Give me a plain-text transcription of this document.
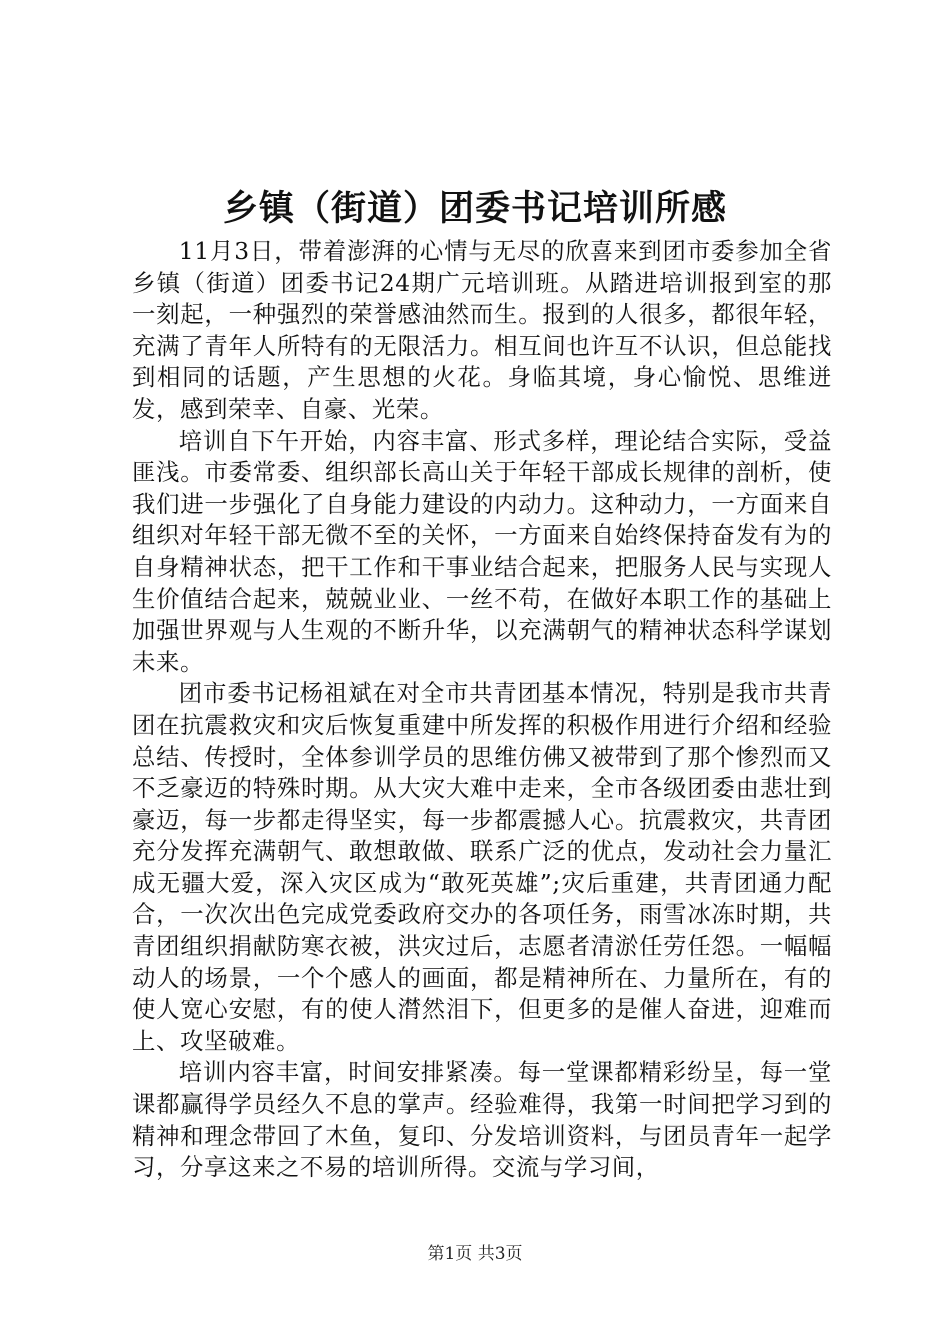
乡镇（街道）团委书记培训所感

11月3日，带着澎湃的心情与无尽的欣喜来到团市委参加全省乡镇（街道）团委书记24期广元培训班。从踏进培训报到室的那一刻起，一种强烈的荣誉感油然而生。报到的人很多，都很年轻，充满了青年人所特有的无限活力。相互间也许互不认识，但总能找到相同的话题，产生思想的火花。身临其境，身心愉悦、思维迸发，感到荣幸、自豪、光荣。

培训自下午开始，内容丰富、形式多样，理论结合实际，受益匪浅。市委常委、组织部长高山关于年轻干部成长规律的剖析，使我们进一步强化了自身能力建设的内动力。这种动力，一方面来自组织对年轻干部无微不至的关怀，一方面来自始终保持奋发有为的自身精神状态，把干工作和干事业结合起来，把服务人民与实现人生价值结合起来，兢兢业业、一丝不苟，在做好本职工作的基础上加强世界观与人生观的不断升华，以充满朝气的精神状态科学谋划未来。

团市委书记杨祖斌在对全市共青团基本情况，特别是我市共青团在抗震救灾和灾后恢复重建中所发挥的积极作用进行介绍和经验总结、传授时，全体参训学员的思维仿佛又被带到了那个惨烈而又不乏豪迈的特殊时期。从大灾大难中走来，全市各级团委由悲壮到豪迈，每一步都走得坚实，每一步都震撼人心。抗震救灾，共青团充分发挥充满朝气、敢想敢做、联系广泛的优点，发动社会力量汇成无疆大爱，深入灾区成为“敢死英雄”;灾后重建，共青团通力配合，一次次出色完成党委政府交办的各项任务，雨雪冰冻时期，共青团组织捐献防寒衣被，洪灾过后，志愿者清淤任劳任怨。一幅幅动人的场景，一个个感人的画面，都是精神所在、力量所在，有的使人宽心安慰，有的使人潸然泪下，但更多的是催人奋进，迎难而上、攻坚破难。

培训内容丰富，时间安排紧凑。每一堂课都精彩纷呈，每一堂课都赢得学员经久不息的掌声。经验难得，我第一时间把学习到的精神和理念带回了木鱼，复印、分发培训资料，与团员青年一起学习，分享这来之不易的培训所得。交流与学习间，

第1页 共3页
